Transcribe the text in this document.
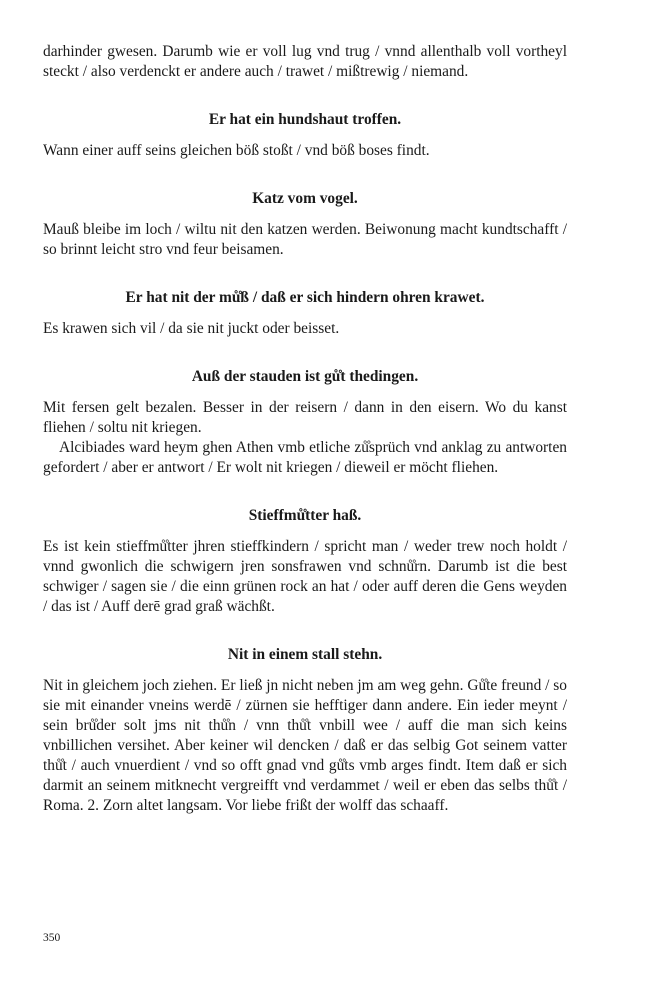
darhinder gwesen. Darumb wie er voll lug vnd trug / vnnd allenthalb voll vortheyl steckt / also verdenckt er andere auch / trawet / mißtrewig / niemand.

Er hat ein hundshaut troffen.

Wann einer auff seins gleichen böß stoßt / vnd böß boses findt.

Katz vom vogel.

Mauß bleibe im loch / wiltu nit den katzen werden. Beiwonung macht kundtschafft / so brinnt leicht stro vnd feur beisamen.

Er hat nit der mů̊ß / daß er sich hindern ohren krawet.

Es krawen sich vil / da sie nit juckt oder beisset.

Auß der stauden ist gů̊t thedingen.

Mit fersen gelt bezalen. Besser in der reisern / dann in den eisern. Wo du kanst fliehen / soltu nit kriegen.

Alcibiades ward heym ghen Athen vmb etliche zů̊sprüch vnd anklag zu antworten gefordert / aber er antwort / Er wolt nit kriegen / dieweil er möcht fliehen.

Stieffmů̊tter haß.

Es ist kein stieffmů̊tter jhren stieffkindern / spricht man / weder trew noch holdt / vnnd gwonlich die schwigern jren sonsfrawen vnd schnů̊rn. Darumb ist die best schwiger / sagen sie / die einn grünen rock an hat / oder auff deren die Gens weyden / das ist / Auff derē grad graß wächßt.

Nit in einem stall stehn.

Nit in gleichem joch ziehen. Er ließ jn nicht neben jm am weg gehn. Gů̊te freund / so sie mit einander vneins werdē / zürnen sie hefftiger dann andere. Ein ieder meynt / sein brů̊der solt jms nit thů̊n / vnn thů̊t vnbill wee / auff die man sich keins vnbillichen versihet. Aber keiner wil dencken / daß er das selbig Got seinem vatter thů̊t / auch vnuerdient / vnd so offt gnad vnd gů̊ts vmb arges findt. Item daß er sich darmit an seinem mitknecht vergreifft vnd verdammet / weil er eben das selbs thů̊t / Roma. 2. Zorn altet langsam. Vor liebe frißt der wolff das schaaff.

350
